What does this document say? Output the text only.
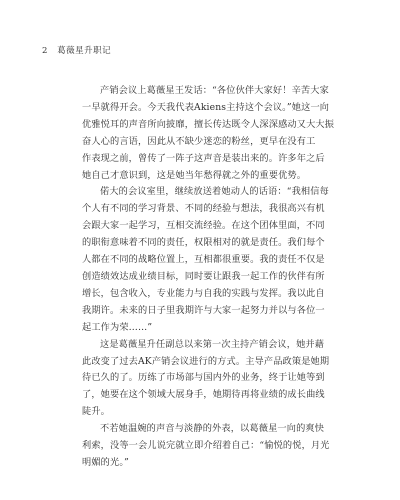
2 葛薇星升职记

产销会议上葛薇星王发话：“各位伙伴大家好！辛苦大家
一早就得开会。今天我代表Akiens主持这个会议。”她这一向
优雅悦耳的声音所向披靡，擅长传达既令人深深感动又大大振
奋人心的言语，因此从不缺少迷恋的粉丝，更早在没有工
作表现之前，曾传了一阵子这声音是装出来的。许多年之后
她自己才意识到，这是她当年愁得就之外的重要优势。

偌大的会议室里，继续放送着她动人的话语：“我相信每
个人有不同的学习背景、不同的经验与想法，我很高兴有机
会跟大家一起学习，互相交流经验。在这个团体里面，不同
的职衔意味着不同的责任，权限相对的就是责任。我们每个
人都在不同的战略位置上，互相都很重要。我的责任不仅是
创造绩效达成业绩目标，同时要让跟我一起工作的伙伴有所
增长，包含收入，专业能力与自我的实践与发挥。我以此自
我期许。未来的日子里我期许与大家一起努力并以与各位一
起工作为荣……”

这是葛薇星升任副总以来第一次主持产销会议，她并藉
此改变了过去AK产销会议进行的方式。主导产品政策是她期
待已久的了。历练了市场部与国内外的业务，终于让她等到
了，她要在这个领域大展身手，她期待再将业绩的成长曲线
陡升。

不若她温婉的声音与淡静的外表，以葛薇星一向的爽快
利索，没等一会儿说完就立即介绍着自己：“愉悦的悦，月光
明媚的光。”
